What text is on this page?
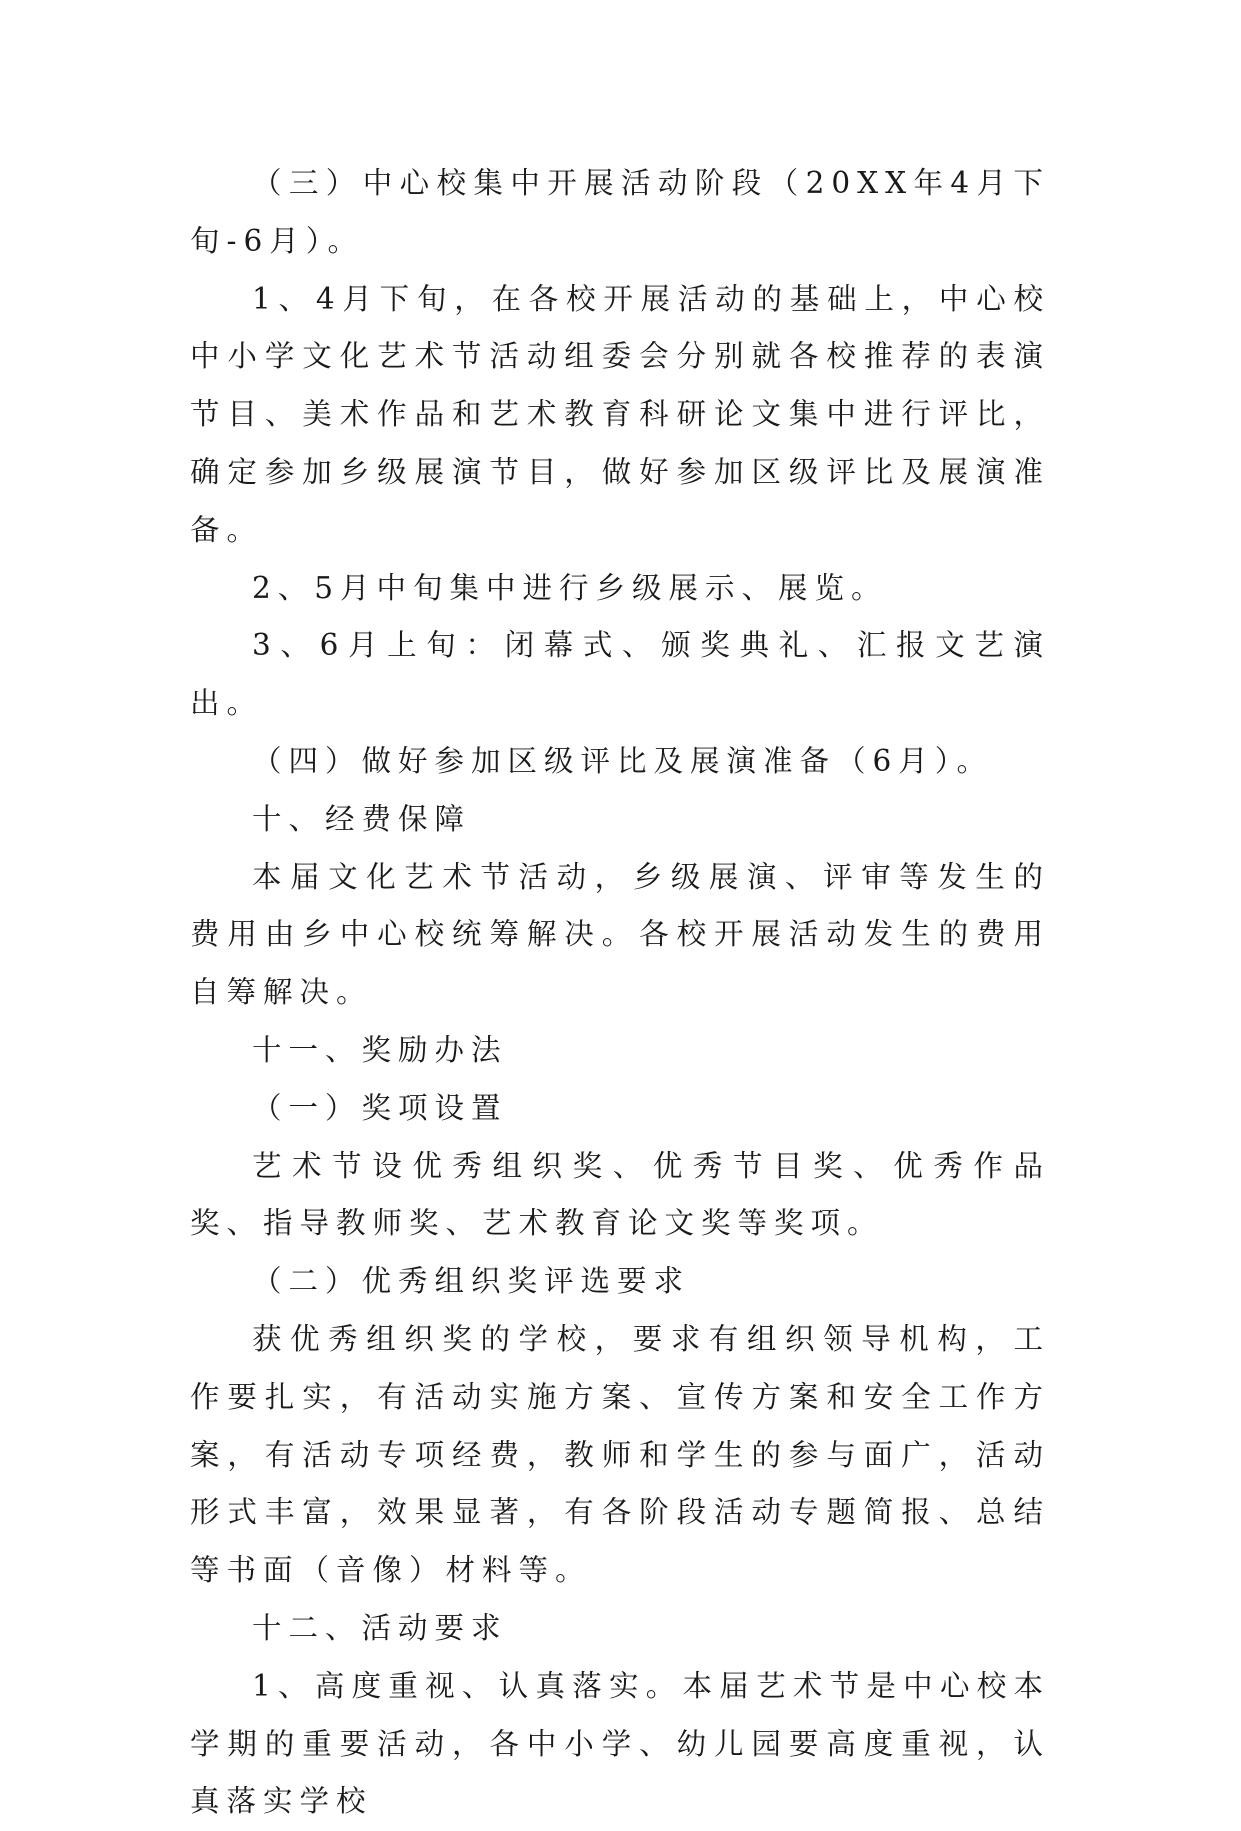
（三）中心校集中开展活动阶段（20XX年4月下旬-6月）。

1、4月下旬，在各校开展活动的基础上，中心校中小学文化艺术节活动组委会分别就各校推荐的表演节目、美术作品和艺术教育科研论文集中进行评比，确定参加乡级展演节目，做好参加区级评比及展演准备。

2、5月中旬集中进行乡级展示、展览。

3、6月上旬：闭幕式、颁奖典礼、汇报文艺演出。

（四）做好参加区级评比及展演准备（6月）。

十、经费保障

本届文化艺术节活动，乡级展演、评审等发生的费用由乡中心校统筹解决。各校开展活动发生的费用自筹解决。

十一、奖励办法

（一）奖项设置

艺术节设优秀组织奖、优秀节目奖、优秀作品奖、指导教师奖、艺术教育论文奖等奖项。

（二）优秀组织奖评选要求

获优秀组织奖的学校，要求有组织领导机构，工作要扎实，有活动实施方案、宣传方案和安全工作方案，有活动专项经费，教师和学生的参与面广，活动形式丰富，效果显著，有各阶段活动专题简报、总结等书面（音像）材料等。

十二、活动要求

1、高度重视、认真落实。本届艺术节是中心校本学期的重要活动，各中小学、幼儿园要高度重视，认真落实学校
